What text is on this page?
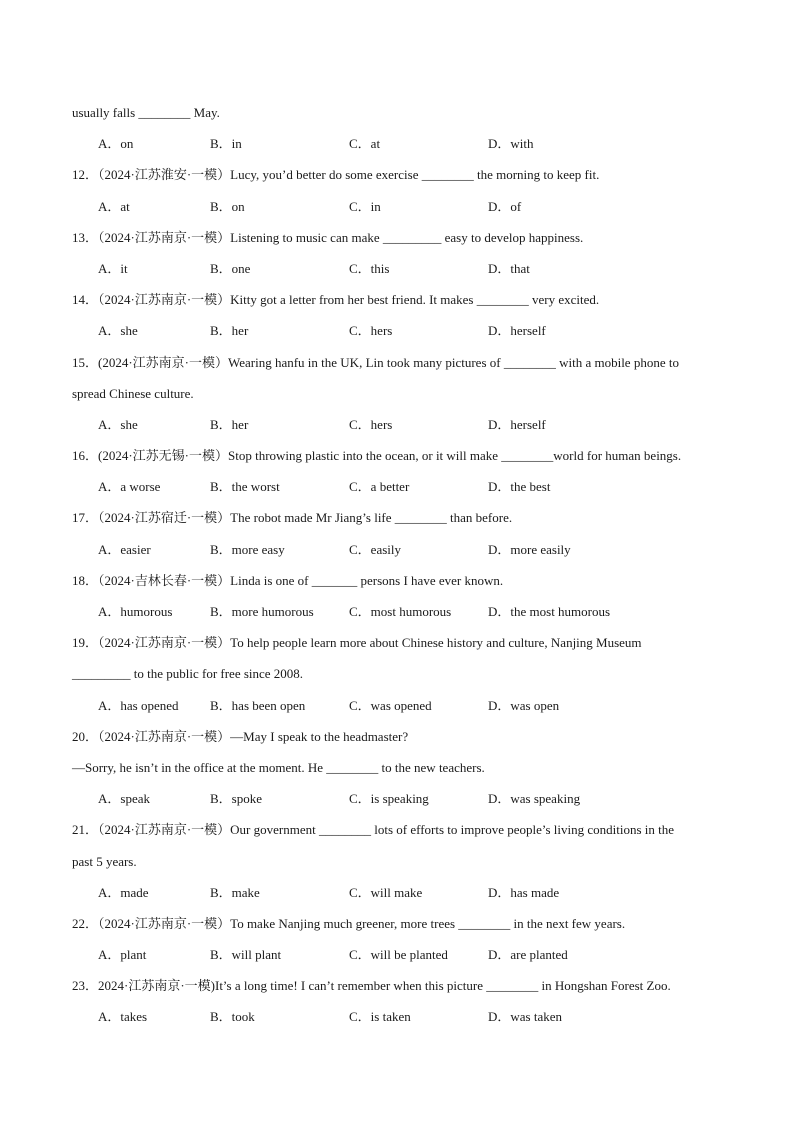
usually falls ________ May.
A．on	B．in	C．at	D．with
12．（2024·江苏淮安·一模）Lucy, you’d better do some exercise ________ the morning to keep fit.
A．at	B．on	C．in	D．of
13．（2024·江苏南京·一模）Listening to music can make _________ easy to develop happiness.
A．it	B．one	C．this	D．that
14．（2024·江苏南京·一模）Kitty got a letter from her best friend. It makes ________ very excited.
A．she	B．her	C．hers	D．herself
15．(2024·江苏南京·一模）Wearing hanfu in the UK, Lin took many pictures of ________ with a mobile phone to
spread Chinese culture.
A．she	B．her	C．hers	D．herself
16．(2024·江苏无锡·一模）Stop throwing plastic into the ocean, or it will make ________world for human beings.
A．a worse	B．the worst	C．a better	D．the best
17．（2024·江苏宿迁·一模）The robot made Mr Jiang’s life ________ than before.
A．easier	B．more easy	C．easily	D．more easily
18．（2024·吉林长春·一模）Linda is one of _______ persons I have ever known.
A．humorous	B．more humorous	C．most humorous	D．the most humorous
19．（2024·江苏南京·一模）To help people learn more about Chinese history and culture, Nanjing Museum
_________ to the public for free since 2008.
A．has opened B．has been open	C．was opened	D．was open
20．（2024·江苏南京·一模）—May I speak to the headmaster?
—Sorry, he isn’t in the office at the moment. He ________ to the new teachers.
A．speak	B．spoke	C．is speaking	D．was speaking
21．（2024·江苏南京·一模）Our government ________ lots of efforts to improve people’s living conditions in the
past 5 years.
A．made	B．make	C．will make	D．has made
22．（2024·江苏南京·一模）To make Nanjing much greener, more trees ________ in the next few years.
A．plant	B．will plant	C．will be planted	D．are planted
23．2024·江苏南京·一模)It’s a long time! I can’t remember when this picture ________ in Hongshan Forest Zoo.
A．takes	B．took	C．is taken	D．was taken
